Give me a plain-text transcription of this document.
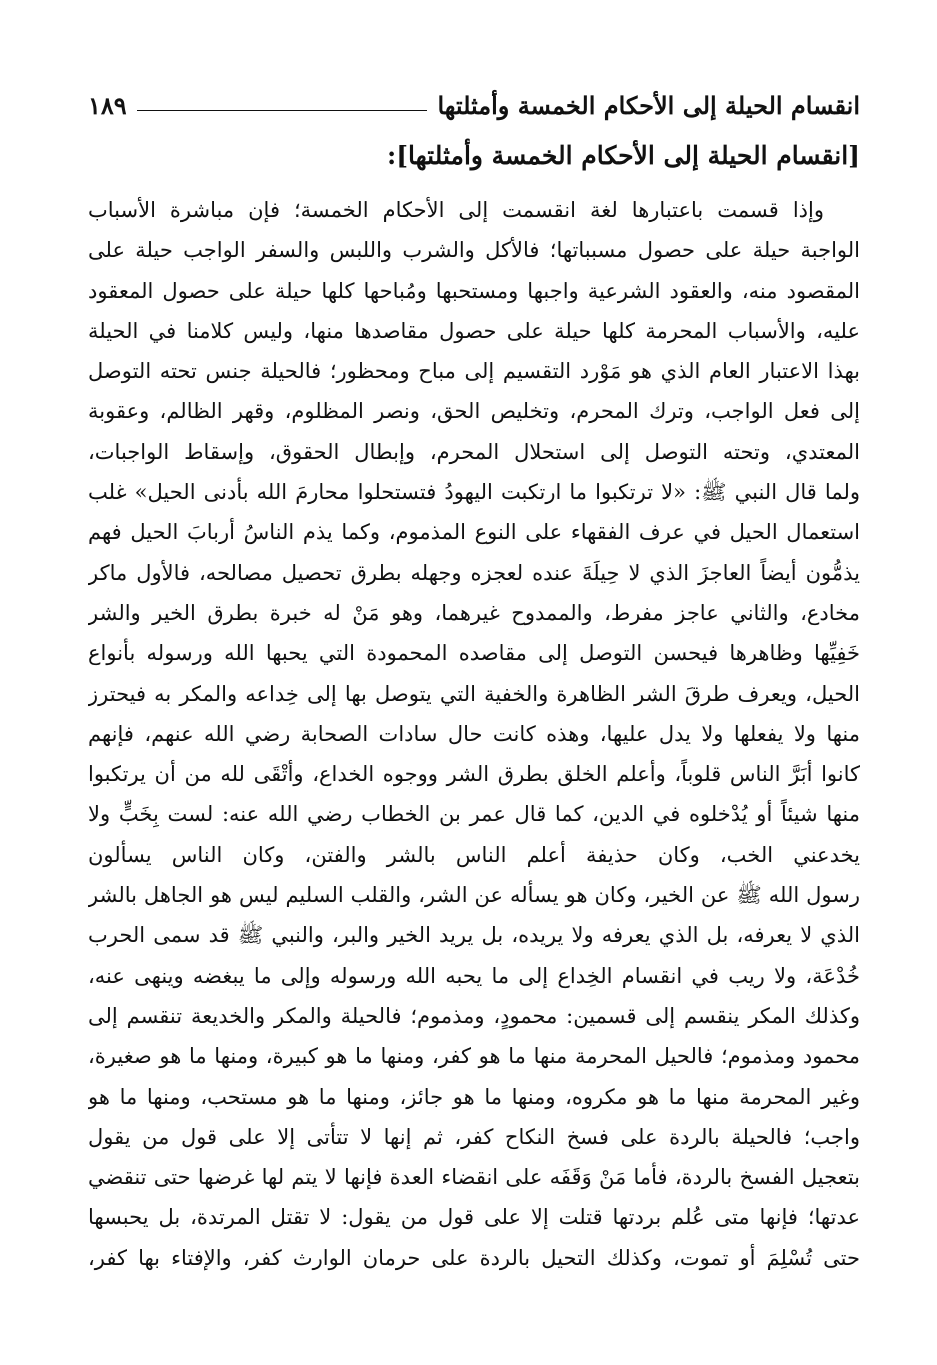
انقسام الحيلة إلى الأحكام الخمسة وأمثلتها
١٨٩
[انقسام الحيلة إلى الأحكام الخمسة وأمثلتها]:
وإذا قسمت باعتبارها لغة انقسمت إلى الأحكام الخمسة؛ فإن مباشرة الأسباب
الواجبة حيلة على حصول مسبباتها؛ فالأكل والشرب واللبس والسفر الواجب حيلة على
المقصود منه، والعقود الشرعية واجبها ومستحبها ومُباحها كلها حيلة على حصول المعقود
عليه، والأسباب المحرمة كلها حيلة على حصول مقاصدها منها، وليس كلامنا في الحيلة
بهذا الاعتبار العام الذي هو مَوْرد التقسيم إلى مباح ومحظور؛ فالحيلة جنس تحته التوصل
إلى فعل الواجب، وترك المحرم، وتخليص الحق، ونصر المظلوم، وقهر الظالم، وعقوبة
المعتدي، وتحته التوصل إلى استحلال المحرم، وإبطال الحقوق، وإسقاط الواجبات،
ولما قال النبي ﷺ: «لا ترتكبوا ما ارتكبت اليهودُ فتستحلوا محارمَ الله بأدنى الحيل» غلب
استعمال الحيل في عرف الفقهاء على النوع المذموم، وكما يذم الناسُ أربابَ الحيل فهم
يذمُّون أيضاً العاجزَ الذي لا حِيلَةَ عنده لعجزه وجهله بطرق تحصيل مصالحه، فالأول ماكر
مخادع، والثاني عاجز مفرط، والممدوح غيرهما، وهو مَنْ له خبرة بطرق الخير والشر
خَفِيِّها وظاهرها فيحسن التوصل إلى مقاصده المحمودة التي يحبها الله ورسوله بأنواع
الحيل، ويعرف طرقَ الشر الظاهرة والخفية التي يتوصل بها إلى خِداعه والمكر به فيحترز
منها ولا يفعلها ولا يدل عليها، وهذه كانت حال سادات الصحابة رضي الله عنهم، فإنهم
كانوا أبَرَّ الناس قلوباً، وأعلم الخلق بطرق الشر ووجوه الخداع، وأتْقَى لله من أن يرتكبوا
منها شيئاً أو يُدْخلوه في الدين، كما قال عمر بن الخطاب رضي الله عنه: لست بِخَبٍّ ولا
يخدعني الخب، وكان حذيفة أعلم الناس بالشر والفتن، وكان الناس يسألون
رسول الله ﷺ عن الخير، وكان هو يسأله عن الشر، والقلب السليم ليس هو الجاهل بالشر
الذي لا يعرفه، بل الذي يعرفه ولا يريده، بل يريد الخير والبر، والنبي ﷺ قد سمى الحرب
خُدْعَة، ولا ريب في انقسام الخِداع إلى ما يحبه الله ورسوله وإلى ما يبغضه وينهى عنه،
وكذلك المكر ينقسم إلى قسمين: محمودٍ، ومذموم؛ فالحيلة والمكر والخديعة تنقسم إلى
محمود ومذموم؛ فالحيل المحرمة منها ما هو كفر، ومنها ما هو كبيرة، ومنها ما هو صغيرة،
وغير المحرمة منها ما هو مكروه، ومنها ما هو جائز، ومنها ما هو مستحب، ومنها ما هو
واجب؛ فالحيلة بالردة على فسخ النكاح كفر، ثم إنها لا تتأتى إلا على قول من يقول
بتعجيل الفسخ بالردة، فأما مَنْ وَقَفَه على انقضاء العدة فإنها لا يتم لها غرضها حتى تنقضي
عدتها؛ فإنها متى عُلم بردتها قتلت إلا على قول من يقول: لا تقتل المرتدة، بل يحبسها
حتى تُسْلِمَ أو تموت، وكذلك التحيل بالردة على حرمان الوارث كفر، والإفتاء بها كفر،
